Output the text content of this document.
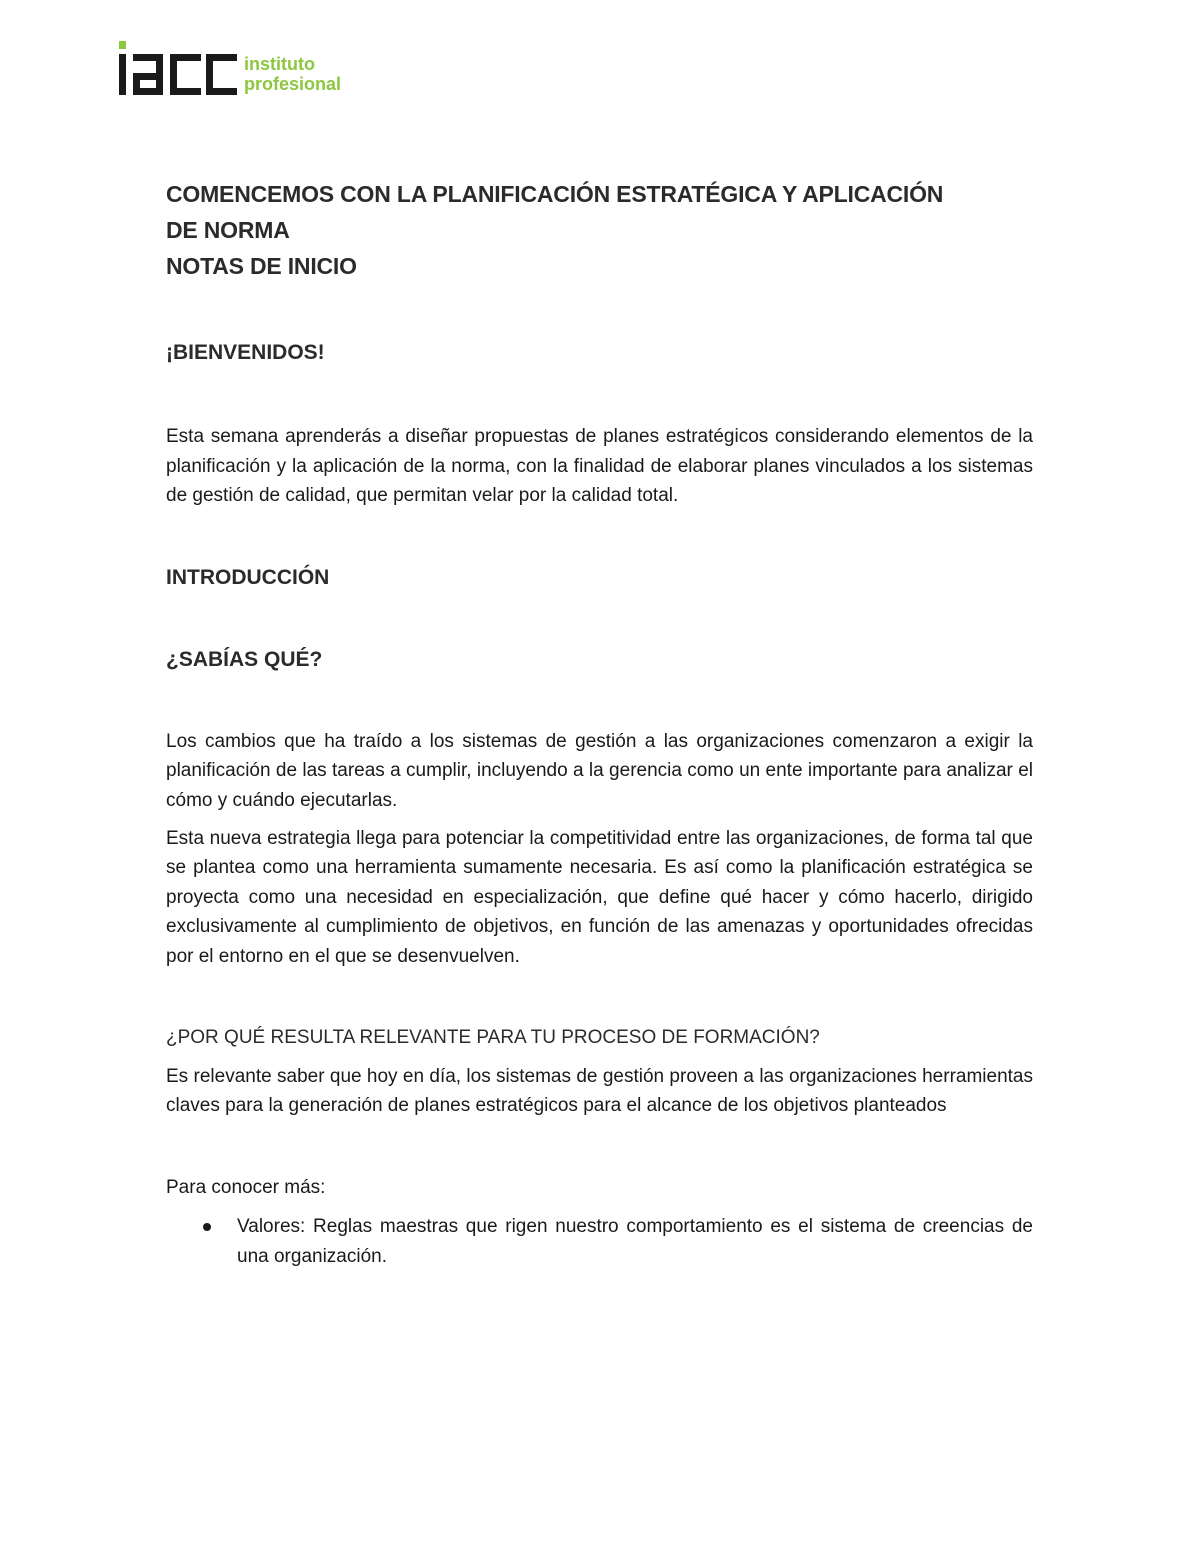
instituto
profesional
COMENCEMOS CON LA PLANIFICACIÓN ESTRATÉGICA Y APLICACIÓN
DE NORMA
NOTAS DE INICIO
¡BIENVENIDOS!

Esta semana aprenderás a diseñar propuestas de planes estratégicos considerando elementos de la planificación y la aplicación de la norma, con la finalidad de elaborar planes vinculados a los sistemas de gestión de calidad, que permitan velar por la calidad total.

INTRODUCCIÓN
¿SABÍAS QUÉ?

Los cambios que ha traído a los sistemas de gestión a las organizaciones comenzaron a exigir la planificación de las tareas a cumplir, incluyendo a la gerencia como un ente importante para analizar el cómo y cuándo ejecutarlas.

Esta nueva estrategia llega para potenciar la competitividad entre las organizaciones, de forma tal que se plantea como una herramienta sumamente necesaria. Es así como la planificación estratégica se proyecta como una necesidad en especialización, que define qué hacer y cómo hacerlo, dirigido exclusivamente al cumplimiento de objetivos, en función de las amenazas y oportunidades ofrecidas por el entorno en el que se desenvuelven.

¿POR QUÉ RESULTA RELEVANTE PARA TU PROCESO DE FORMACIÓN?

Es relevante saber que hoy en día, los sistemas de gestión proveen a las organizaciones herramientas claves para la generación de planes estratégicos para el alcance de los objetivos planteados

Para conocer más:

Valores: Reglas maestras que rigen nuestro comportamiento es el sistema de creencias de una organización.
